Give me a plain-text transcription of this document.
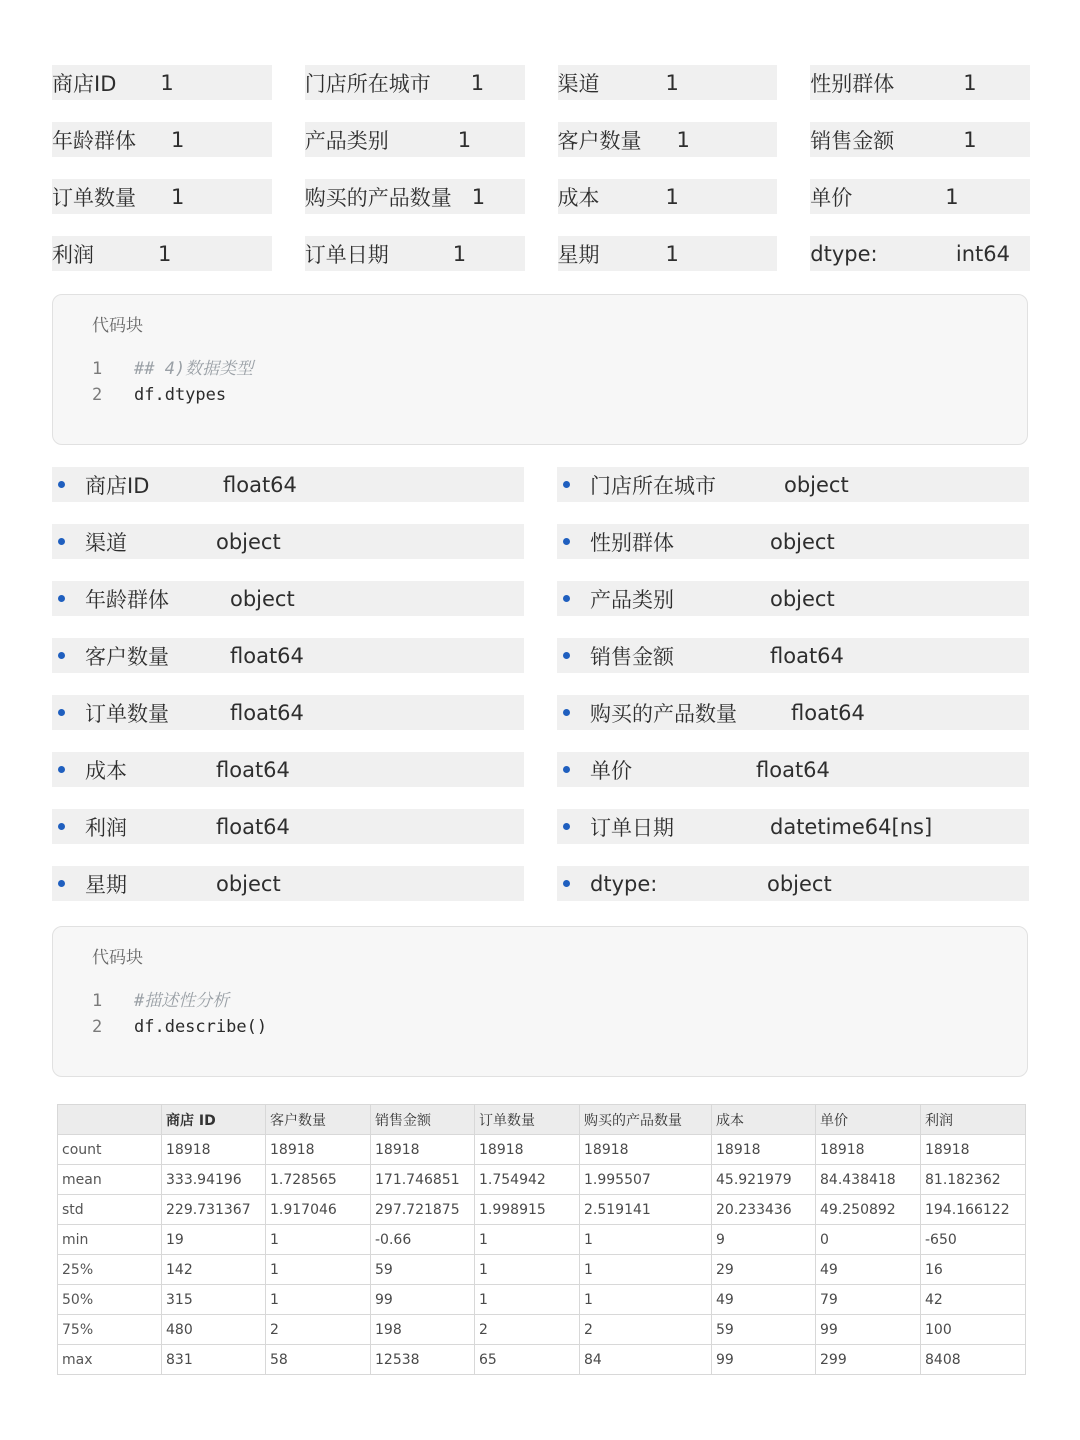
商店ID 1	门店所在城市 1	渠道	1	性别群体	1
年龄群体 1	产品类别	1	客户数量 1	销售金额	1
订单数量 1	购买的产品数量 1	成本	1	单价	1
利润	1	订单日期	1	星期	1	dtype:	int64
代码块
1 ## 4)数据类型
2 df.dtypes
商店ID	float64	门店所在城市	object
渠道	object	性别群体	object
年龄群体	object	产品类别	object
客户数量	float64	销售金额	float64
订单数量	float64	购买的产品数量	float64
成本	float64	单价	float64
利润	float64	订单日期	datetime64[ns]
星期	object	dtype:	object
代码块
1 #描述性分析
2 df.describe()
	商店 ID	客户数量	销售金额	订单数量	购买的产品数量	成本	单价	利润
count	18918	18918	18918	18918	18918	18918	18918	18918
mean	333.94196	1.728565	171.746851	1.754942	1.995507	45.921979	84.438418	81.182362
std	229.731367	1.917046	297.721875	1.998915	2.519141	20.233436	49.250892	194.166122
min	19	1	-0.66	1	1	9	0	-650
25%	142	1	59	1	1	29	49	16
50%	315	1	99	1	1	49	79	42
75%	480	2	198	2	2	59	99	100
max	831	58	12538	65	84	99	299	8408
